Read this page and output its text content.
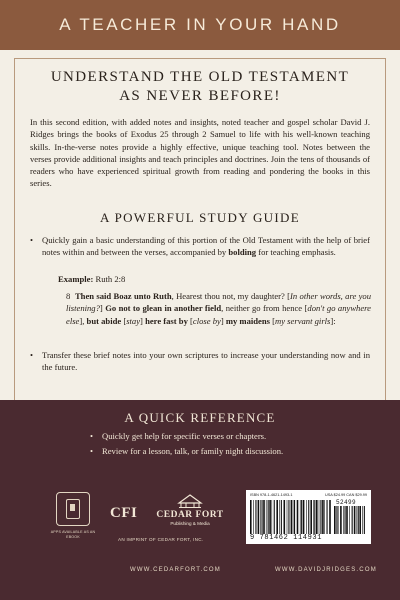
A TEACHER IN YOUR HAND
UNDERSTAND THE OLD TESTAMENT
AS NEVER BEFORE!

In this second edition, with added notes and insights, noted teacher and gospel scholar David J. Ridges brings the books of Exodus 25 through 2 Samuel to life with his well-known teaching skills. In-the-verse notes provide a highly effective, unique teaching tool. Notes between the verses provide additional insights and teach principles and doctrines. Join the tens of thousands of readers who have experienced spiritual growth from reading and pondering the books in this series.

A POWERFUL STUDY GUIDE
•	Quickly gain a basic understanding of this portion of the Old Testament with the help of brief notes within and between the verses, accompanied by bolding for teaching emphasis.
Example: Ruth 2:8

8 Then said Boaz unto Ruth, Hearest thou not, my daughter? [In other words, are you listening?] Go not to glean in another field, neither go from hence [don't go anywhere else], but abide [stay] here fast by [close by] my maidens [my servant girls]:

•	Transfer these brief notes into your own scriptures to increase your understanding now and in the future.
A QUICK REFERENCE
•	Quickly get help for specific verses or chapters.
•	Review for a lesson, talk, or family night discussion.
APPS AVAILABLE AS AN EBOOK
CFI CEDAR FORT
Publishing & Media
AN IMPRINT OF CEDAR FORT, INC.
ISBN 978-1-4621-1493-1	USA $24.99 CAN $29.99
52499
9 781462 114931
WWW.CEDARFORT.COM	WWW.DAVIDJRIDGES.COM
